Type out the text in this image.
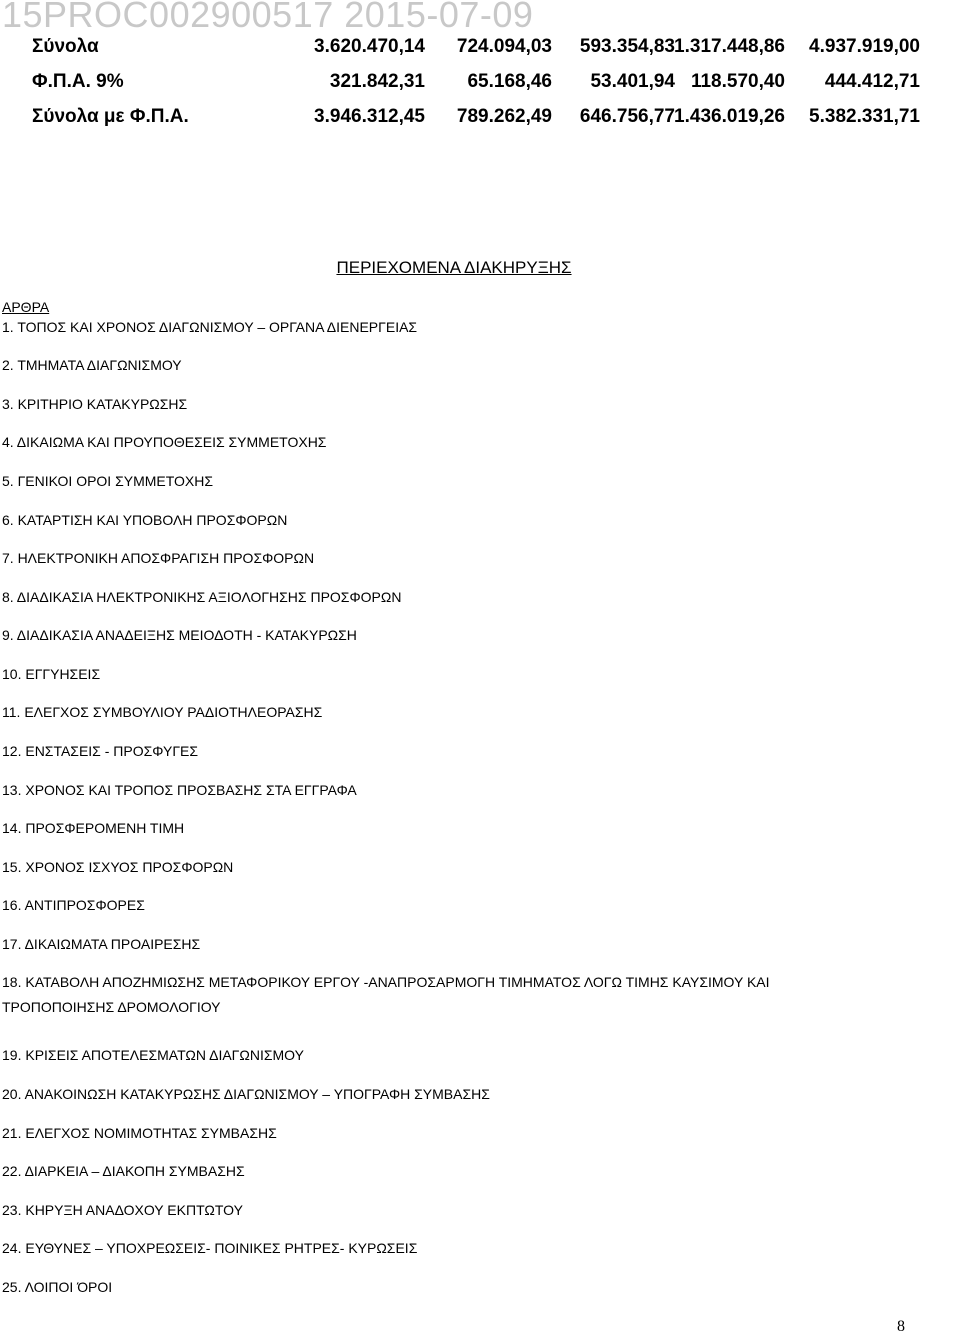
15PROC002900517 2015-07-09
Σύνολα	3.620.470,14	724.094,03	593.354,83 1.317.448,86	4.937.919,00
Φ.Π.Α. 9%	321.842,31	65.168,46	53.401,94 118.570,40	444.412,71
Σύνολα με Φ.Π.Α.	3.946.312,45	789.262,49	646.756,77 1.436.019,26	5.382.331,71
ΠΕΡΙΕΧΟΜΕΝΑ ΔΙΑΚΗΡΥΞΗΣ
ΑΡΘΡΑ
1. ΤΟΠΟΣ ΚΑΙ ΧΡΟΝΟΣ ΔΙΑΓΩΝΙΣΜΟΥ – ΟΡΓΑΝΑ ΔΙΕΝΕΡΓΕΙΑΣ
2. ΤΜΗΜΑΤΑ ΔΙΑΓΩΝΙΣΜΟΥ
3. ΚΡΙΤΗΡΙΟ ΚΑΤΑΚΥΡΩΣΗΣ
4. ΔΙΚΑΙΩΜΑ ΚΑΙ ΠΡΟΥΠΟΘΕΣΕΙΣ ΣΥΜΜΕΤΟΧΗΣ
5. ΓΕΝΙΚΟΙ ΟΡΟΙ ΣΥΜΜΕΤΟΧΗΣ
6. ΚΑΤΑΡΤΙΣΗ ΚΑΙ ΥΠΟΒΟΛΗ ΠΡΟΣΦΟΡΩΝ
7. ΗΛΕΚΤΡΟΝΙΚΗ ΑΠΟΣΦΡΑΓΙΣΗ ΠΡΟΣΦΟΡΩΝ
8. ΔΙΑΔΙΚΑΣΙΑ ΗΛΕΚΤΡΟΝΙΚΗΣ ΑΞΙΟΛΟΓΗΣΗΣ ΠΡΟΣΦΟΡΩΝ
9. ΔΙΑΔΙΚΑΣΙΑ ΑΝΑΔΕΙΞΗΣ ΜΕΙΟΔΟΤΗ - ΚΑΤΑΚΥΡΩΣΗ
10. ΕΓΓΥΗΣΕΙΣ
11. ΕΛΕΓΧΟΣ ΣΥΜΒΟΥΛΙΟΥ ΡΑΔΙΟΤΗΛΕΟΡΑΣΗΣ
12. ΕΝΣΤΑΣΕΙΣ - ΠΡΟΣΦΥΓΕΣ
13. ΧΡΟΝΟΣ ΚΑΙ ΤΡΟΠΟΣ ΠΡΟΣΒΑΣΗΣ ΣΤΑ ΕΓΓΡΑΦΑ
14. ΠΡΟΣΦΕΡΟΜΕΝΗ ΤΙΜΗ
15. ΧΡΟΝΟΣ ΙΣΧΥΟΣ ΠΡΟΣΦΟΡΩΝ
16. ΑΝΤΙΠΡΟΣΦΟΡΕΣ
17. ΔΙΚΑΙΩΜΑΤΑ ΠΡΟΑΙΡΕΣΗΣ
18. ΚΑΤΑΒΟΛΗ ΑΠΟΖΗΜΙΩΣΗΣ ΜΕΤΑΦΟΡΙΚΟΥ ΕΡΓΟΥ -ΑΝΑΠΡΟΣΑΡΜΟΓΗ ΤΙΜΗΜΑΤΟΣ ΛΟΓΩ ΤΙΜΗΣ ΚΑΥΣΙΜΟΥ ΚΑΙ ΤΡΟΠΟΠΟΙΗΣΗΣ ΔΡΟΜΟΛΟΓΙΟΥ
19. ΚΡΙΣΕΙΣ ΑΠΟΤΕΛΕΣΜΑΤΩΝ ΔΙΑΓΩΝΙΣΜΟΥ
20. ΑΝΑΚΟΙΝΩΣΗ ΚΑΤΑΚΥΡΩΣΗΣ ΔΙΑΓΩΝΙΣΜΟΥ – ΥΠΟΓΡΑΦΗ ΣΥΜΒΑΣΗΣ
21. ΕΛΕΓΧΟΣ ΝΟΜΙΜΟΤΗΤΑΣ ΣΥΜΒΑΣΗΣ
22. ΔΙΑΡΚΕΙΑ – ΔΙΑΚΟΠΗ ΣΥΜΒΑΣΗΣ
23. ΚΗΡΥΞΗ ΑΝΑΔΟΧΟΥ ΕΚΠΤΩΤΟΥ
24. ΕΥΘΥΝΕΣ – ΥΠΟΧΡΕΩΣΕΙΣ- ΠΟΙΝΙΚΕΣ ΡΗΤΡΕΣ- ΚΥΡΩΣΕΙΣ
25. ΛΟΙΠΟΙ ΌΡΟΙ
8
